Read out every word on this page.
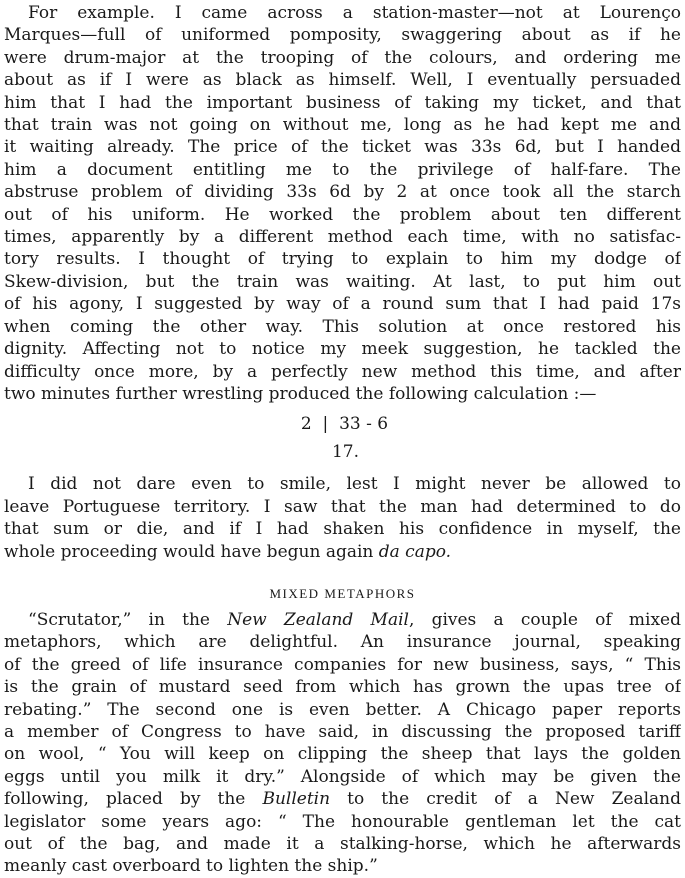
For example. I came across a station-master—not at Lourenço
Marques—full of uniformed pomposity, swaggering about as if he
were drum-major at the trooping of the colours, and ordering me
about as if I were as black as himself. Well, I eventually persuaded
him that I had the important business of taking my ticket, and that
that train was not going on without me, long as he had kept me and
it waiting already. The price of the ticket was 33s 6d, but I handed
him a document entitling me to the privilege of half-fare. The
abstruse problem of dividing 33s 6d by 2 at once took all the starch
out of his uniform. He worked the problem about ten different
times, apparently by a different method each time, with no satisfac-
tory results. I thought of trying to explain to him my dodge of
Skew-division, but the train was waiting. At last, to put him out
of his agony, I suggested by way of a round sum that I had paid 17s
when coming the other way. This solution at once restored his
dignity. Affecting not to notice my meek suggestion, he tackled the
difficulty once more, by a perfectly new method this time, and after
two minutes further wrestling produced the following calculation :—
2  |  33 - 6
17.
I did not dare even to smile, lest I might never be allowed to
leave Portuguese territory. I saw that the man had determined to do
that sum or die, and if I had shaken his confidence in myself, the
whole proceeding would have begun again da capo.
MIXED METAPHORS
“Scrutator,” in the New Zealand Mail, gives a couple of mixed
metaphors, which are delightful. An insurance journal, speaking
of the greed of life insurance companies for new business, says, “ This
is the grain of mustard seed from which has grown the upas tree of
rebating.” The second one is even better. A Chicago paper reports
a member of Congress to have said, in discussing the proposed tariff
on wool, “ You will keep on clipping the sheep that lays the golden
eggs until you milk it dry.” Alongside of which may be given the
following, placed by the Bulletin to the credit of a New Zealand
legislator some years ago: “ The honourable gentleman let the cat
out of the bag, and made it a stalking-horse, which he afterwards
meanly cast overboard to lighten the ship.”
